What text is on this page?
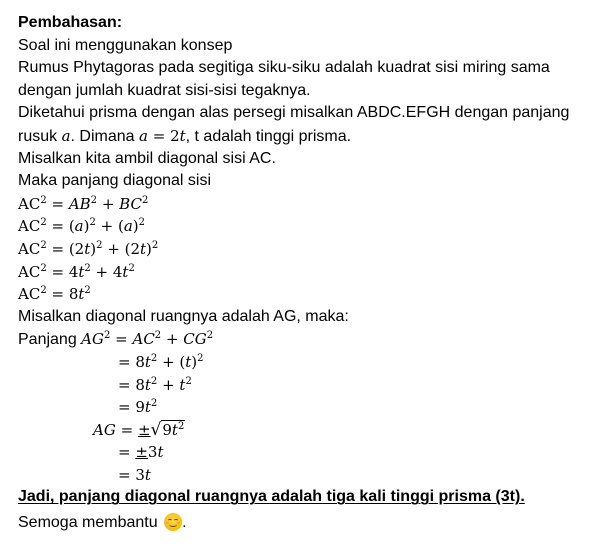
Pembahasan:
Soal ini menggunakan konsep
Rumus Phytagoras pada segitiga siku-siku adalah kuadrat sisi miring sama
dengan jumlah kuadrat sisi-sisi tegaknya.
Diketahui prisma dengan alas persegi misalkan ABDC.EFGH dengan panjang
rusuk a. Dimana a = 2t, t adalah tinggi prisma.
Misalkan kita ambil diagonal sisi AC.
Maka panjang diagonal sisi
$AC^2 = AB^2 + BC^2$
$AC^2 = (a)^2 + (a)^2$
$AC^2 = (2t)^2 + (2t)^2$
$AC^2 = 4t^2 + 4t^2$
$AC^2 = 8t^2$
Misalkan diagonal ruangnya adalah AG, maka:
Panjang $AG^2 = AC^2 + CG^2$
= $8t^2 + (t)^2$
= $8t^2 + t^2$
= $9t^2$
AG = $\pm√9t^2$
= ±3t
= 3t
Jadi, panjang diagonal ruangnya adalah tiga kali tinggi prisma (3t).
Semoga membantu
.
